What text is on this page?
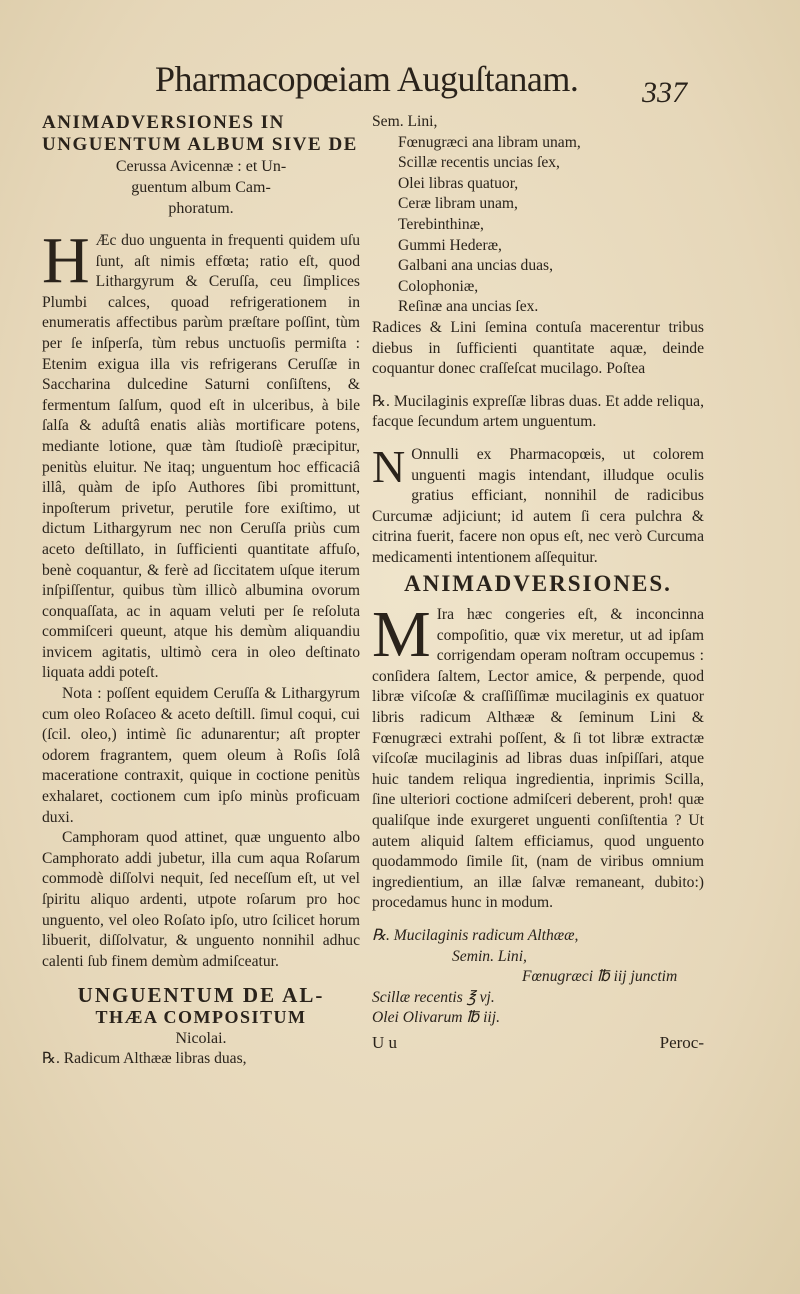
Pharmacopœiam Auguſtanam. 337

ANIMADVERSIONES IN

UNGUENTUM ALBUM SIVE DE

Cerussa Avicennæ : et Un-

guentum album Cam-

phoratum.

H Æc duo unguenta in frequenti quidem uſu ſunt, aſt nimis effœta; ratio eſt, quod Lithargyrum & Ceruſſa, ceu ſimplices Plumbi calces, quoad refrigerationem in enumeratis affectibus parùm præſtare poſſint, tùm per ſe inſperſa, tùm rebus unctuoſis permiſta : Etenim exigua illa vis refrigerans Ceruſſæ in Saccharina dulcedine Saturni conſiſtens, & fermentum ſalſum, quod eſt in ulceribus, à bile ſalſa & aduſtâ enatis aliàs mortificare potens, mediante lotione, quæ tàm ſtudioſè præcipitur, penitùs eluitur. Ne itaq; unguentum hoc efficaciâ illâ, quàm de ipſo Authores ſibi promittunt, inpoſterum privetur, perutile fore exiſtimo, ut dictum Lithargyrum nec non Ceruſſa priùs cum aceto deſtillato, in ſufficienti quantitate affuſo, benè coquantur, & ferè ad ſiccitatem uſque iterum inſpiſſentur, quibus tùm illicò albumina ovorum conquaſſata, ac in aquam veluti per ſe reſoluta commiſceri queunt, atque his demùm aliquandiu invicem agitatis, ultimò cera in oleo deſtinato liquata addi poteſt.

Nota : poſſent equidem Ceruſſa & Lithargyrum cum oleo Roſaceo & aceto deſtill. ſimul coqui, cui (ſcil. oleo,) intimè ſic adunarentur; aſt propter odorem fragrantem, quem oleum à Roſis ſolâ maceratione contraxit, quique in coctione penitùs exhalaret, coctionem cum ipſo minùs proficuam duxi.

Camphoram quod attinet, quæ unguento albo Camphorato addi jubetur, illa cum aqua Roſarum commodè diſſolvi nequit, ſed neceſſum eſt, ut vel ſpiritu aliquo ardenti, utpote roſarum pro hoc unguento, vel oleo Roſato ipſo, utro ſcilicet horum libuerit, diſſolvatur, & unguento nonnihil adhuc calenti ſub finem demùm admiſceatur.

UNGUENTUM DE AL-

THÆA COMPOSITUM

Nicolai.

℞. Radicum Althææ libras duas,

Sem. Lini,

Fœnugræci ana libram unam,

Scillæ recentis uncias ſex,

Olei libras quatuor,

Ceræ libram unam,

Terebinthinæ,

Gummi Hederæ,

Galbani ana uncias duas,

Colophoniæ,

Reſinæ ana uncias ſex.

Radices & Lini ſemina contuſa macerentur tribus diebus in ſufficienti quantitate aquæ, deinde coquantur donec craſſeſcat mucilago. Poſtea

℞. Mucilaginis expreſſæ libras duas. Et adde reliqua, facque ſecundum artem unguentum.

N Onnulli ex Pharmacopœis, ut colorem unguenti magis intendant, illudque oculis gratius efficiant, nonnihil de radicibus Curcumæ adjiciunt; id autem ſi cera pulchra & citrina fuerit, facere non opus eſt, nec verò Curcuma medicamenti intentionem aſſequitur.

ANIMADVERSIONES.

M Ira hæc congeries eſt, & inconcinna compoſitio, quæ vix meretur, ut ad ipſam corrigendam operam noſtram occupemus : conſidera ſaltem, Lector amice, & perpende, quod libræ viſcoſæ & craſſiſſimæ mucilaginis ex quatuor libris radicum Althææ & ſeminum Lini & Fœnugræci extrahi poſſent, & ſi tot libræ extractæ viſcoſæ mucilaginis ad libras duas inſpiſſari, atque huic tandem reliqua ingredientia, inprimis Scilla, ſine ulteriori coctione admiſceri deberent, proh! quæ qualiſque inde exurgeret unguenti conſiſtentia ? Ut autem aliquid ſaltem efficiamus, quod unguento quodammodo ſimile ſit, (nam de viribus omnium ingredientium, an illæ ſalvæ remaneant, dubito:) procedamus hunc in modum.

℞. Mucilaginis radicum Althææ,

Semin. Lini,

Fœnugræci ℔ iij junctim

Scillæ recentis ℥ vj.

Olei Olivarum ℔ iij.

U u	Peroc-
